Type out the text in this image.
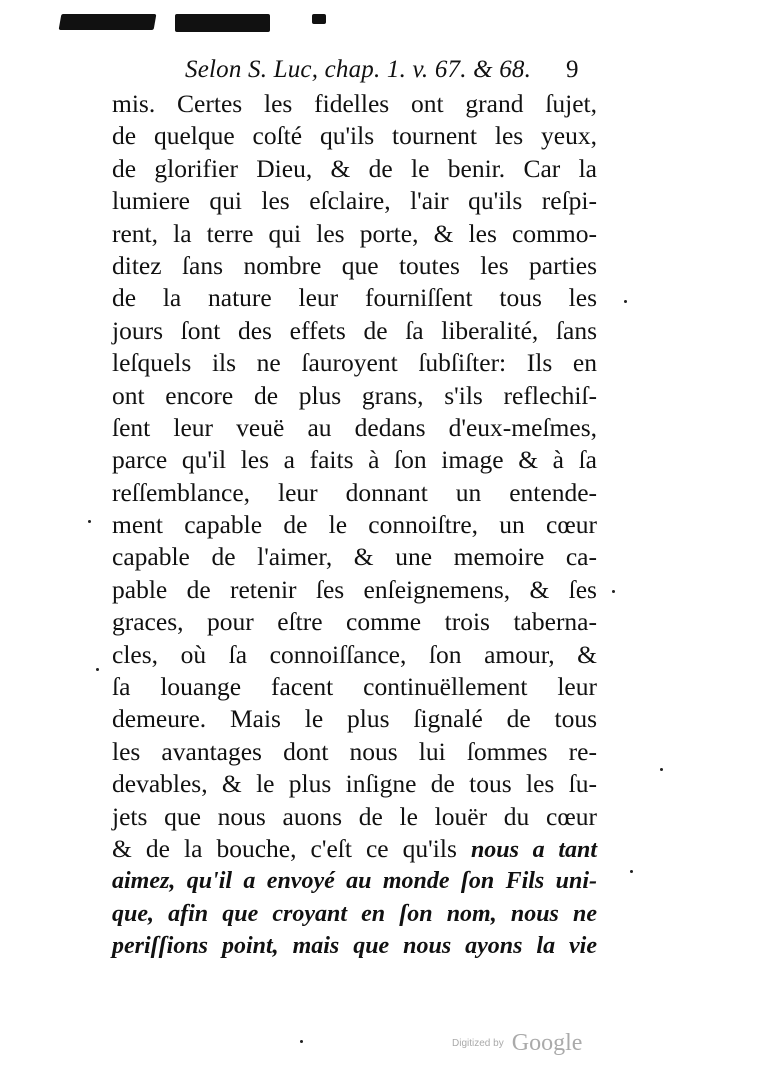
Selon S. Luc, chap. 1. v. 67. & 68. 9
mis. Certes les fidelles ont grand ſujet,
de quelque coſté qu'ils tournent les yeux,
de glorifier Dieu, & de le benir. Car la
lumiere qui les eſclaire, l'air qu'ils reſpi-
rent, la terre qui les porte, & les commo-
ditez ſans nombre que toutes les parties
de la nature leur fourniſſent tous les
jours ſont des effets de ſa liberalité, ſans
leſquels ils ne ſauroyent ſubſiſter: Ils en
ont encore de plus grans, s'ils reflechiſ-
ſent leur veuë au dedans d'eux-meſmes,
parce qu'il les a faits à ſon image & à ſa
reſſemblance, leur donnant un entende-
ment capable de le connoiſtre, un cœur
capable de l'aimer, & une memoire ca-
pable de retenir ſes enſeignemens, & ſes
graces, pour eſtre comme trois taberna-
cles, où ſa connoiſſance, ſon amour, &
ſa louange facent continuëllement leur
demeure. Mais le plus ſignalé de tous
les avantages dont nous lui ſommes re-
devables, & le plus inſigne de tous les ſu-
jets que nous auons de le louër du cœur
& de la bouche, c'eſt ce qu'ils nous a tant
aimez, qu'il a envoyé au monde ſon Fils uni-
que, afin que croyant en ſon nom, nous ne
periſſions point, mais que nous ayons la vie
Digitized by Google
